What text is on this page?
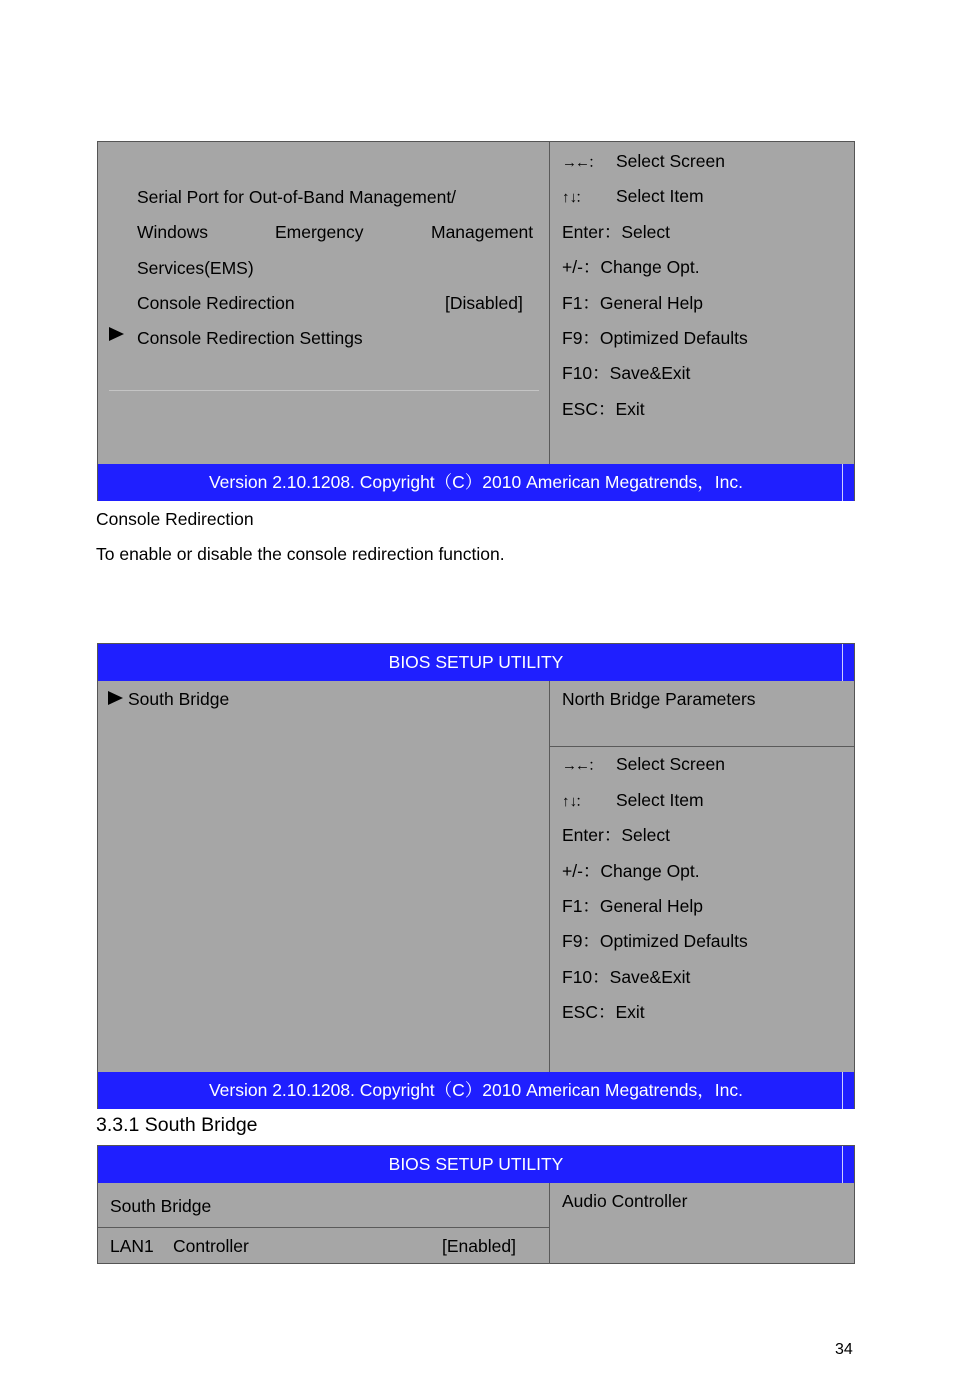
Serial Port for Out-of-Band Management/
Windows	Emergency	Management
Services(EMS)
Console Redirection	[Disabled]
Console Redirection Settings
→←： Select Screen
↑ ↓： Select Item
Enter：Select
+/-：Change Opt.
F1：General Help
F9：Optimized Defaults
F10：Save&Exit
ESC：Exit
Version 2.10.1208. Copyright（C）2010 American Megatrends，Inc.
Console Redirection
To enable or disable the console redirection function.
BIOS SETUP UTILITY
South Bridge	North Bridge Parameters
→←： Select Screen
↑ ↓： Select Item
Enter：Select
+/-：Change Opt.
F1：General Help
F9：Optimized Defaults
F10：Save&Exit
ESC：Exit
Version 2.10.1208. Copyright（C）2010 American Megatrends，Inc.
3.3.1 South Bridge
BIOS SETUP UTILITY
South Bridge
LAN1 Controller	[Enabled]
Audio Controller
34
